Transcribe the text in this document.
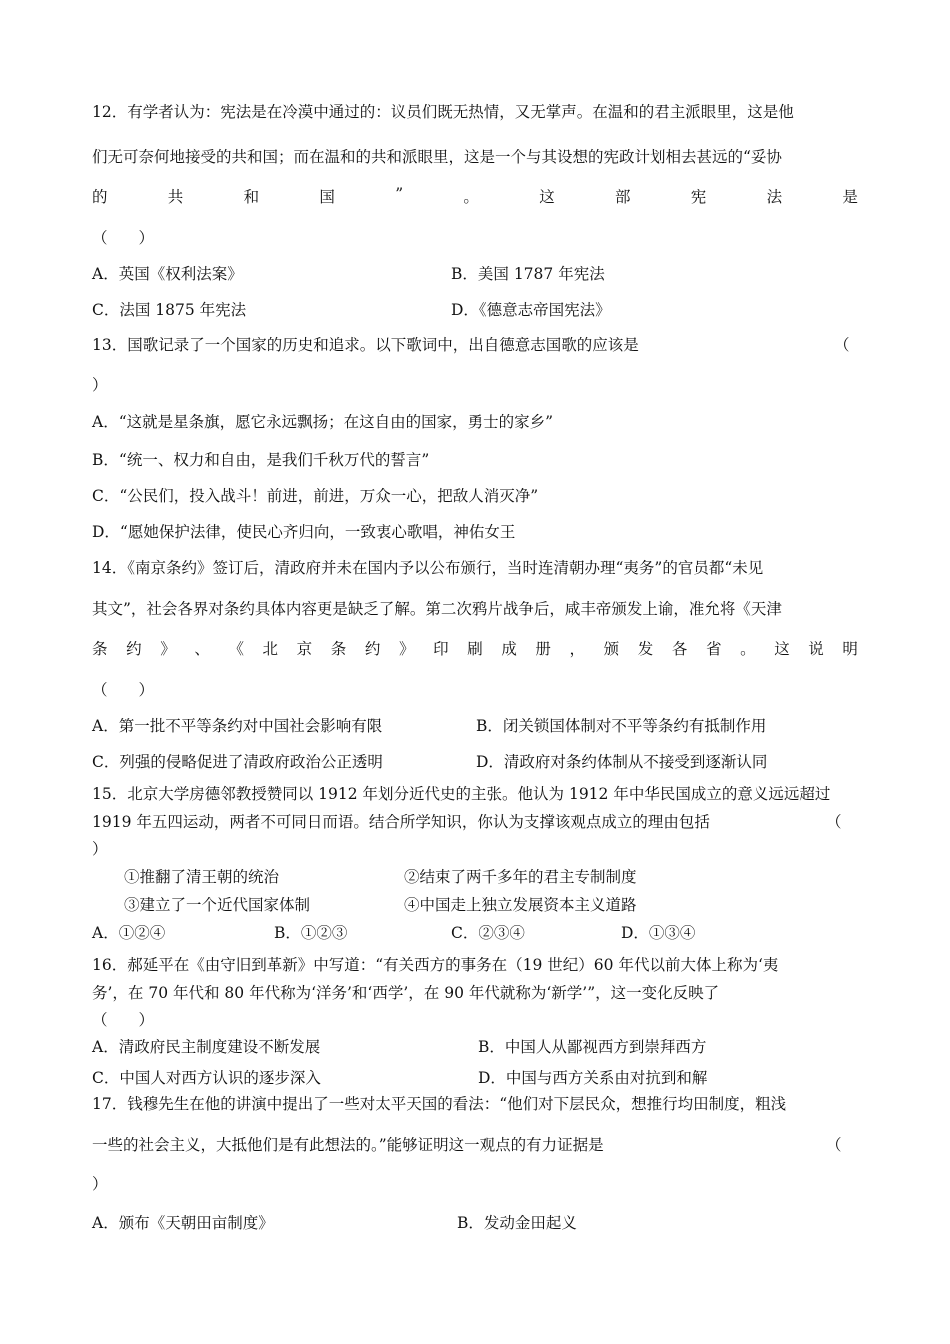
12．有学者认为：宪法是在冷漠中通过的：议员们既无热情，又无掌声。在温和的君主派眼里，这是他
们无可奈何地接受的共和国；而在温和的共和派眼里，这是一个与其设想的宪政计划相去甚远的“妥协
的	共	和	国	”	。	这	部	宪	法	是
（　　）
A．英国《权利法案》	B．美国 1787 年宪法
C．法国 1875 年宪法	D．《德意志帝国宪法》
13．国歌记录了一个国家的历史和追求。以下歌词中，出自德意志国歌的应该是	（
）
A．“这就是星条旗，愿它永远飘扬；在这自由的国家，勇士的家乡”
B．“统一、权力和自由，是我们千秋万代的誓言”
C．“公民们，投入战斗！前进，前进，万众一心，把敌人消灭净”
D．“愿她保护法律，使民心齐归向，一致衷心歌唱，神佑女王
14．《南京条约》签订后，清政府并未在国内予以公布颁行，当时连清朝办理“夷务”的官员都“未见
其文”，社会各界对条约具体内容更是缺乏了解。第二次鸦片战争后，咸丰帝颁发上谕，准允将《天津
条 约 》 、 《 北 京 条 约 》 印 刷 成 册 ， 颁 发 各 省 。 这 说 明
（　　）
A．第一批不平等条约对中国社会影响有限	B．闭关锁国体制对不平等条约有抵制作用
C．列强的侵略促进了清政府政治公正透明	D．清政府对条约体制从不接受到逐渐认同
15．北京大学房德邻教授赞同以 1912 年划分近代史的主张。他认为 1912 年中华民国成立的意义远远超过
1919 年五四运动，两者不可同日而语。结合所学知识，你认为支撑该观点成立的理由包括	（
）
①推翻了清王朝的统治	②结束了两千多年的君主专制制度
③建立了一个近代国家体制	④中国走上独立发展资本主义道路
A．①②④	B．①②③	C．②③④	D．①③④
16．郝延平在《由守旧到革新》中写道：“有关西方的事务在（19 世纪）60 年代以前大体上称为‘夷
务’，在 70 年代和 80 年代称为‘洋务’和‘西学’，在 90 年代就称为‘新学’”，这一变化反映了
（　　）
A．清政府民主制度建设不断发展	B．中国人从鄙视西方到崇拜西方
C．中国人对西方认识的逐步深入	D．中国与西方关系由对抗到和解
17．钱穆先生在他的讲演中提出了一些对太平天国的看法：“他们对下层民众，想推行均田制度，粗浅
一些的社会主义，大抵他们是有此想法的。”能够证明这一观点的有力证据是	（
）
A．颁布《天朝田亩制度》	B．发动金田起义
